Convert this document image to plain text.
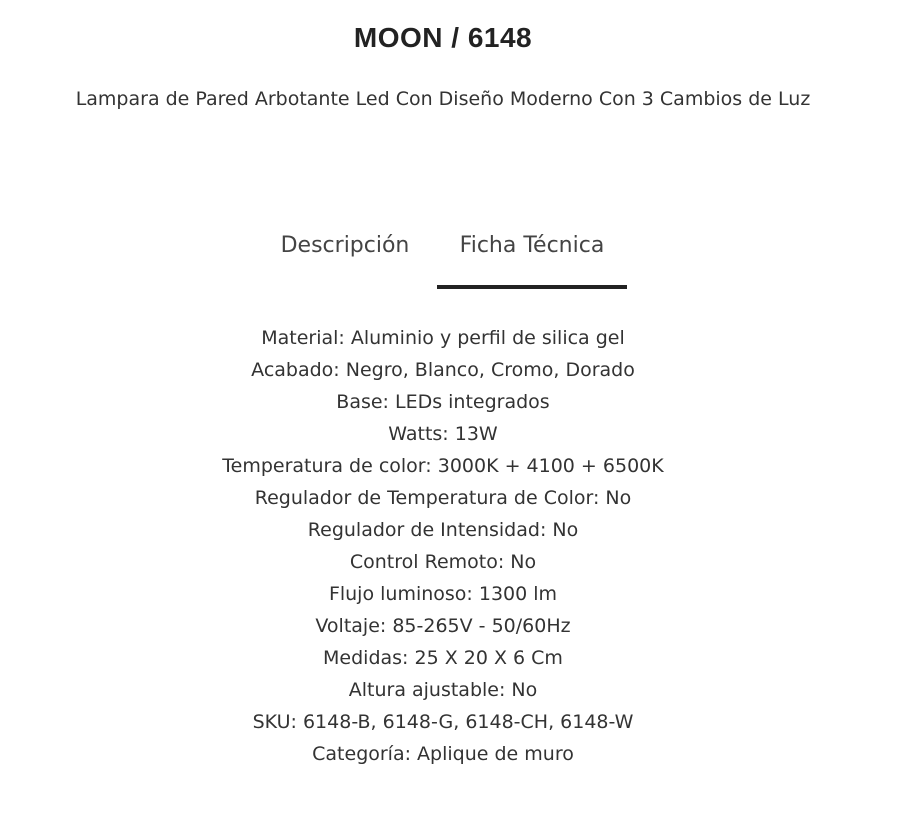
MOON / 6148

Lampara de Pared Arbotante Led Con Diseño Moderno Con 3 Cambios de Luz

Descripción	Ficha Técnica
Material: Aluminio y perfil de silica gel
Acabado: Negro, Blanco, Cromo, Dorado
Base: LEDs integrados
Watts: 13W
Temperatura de color: 3000K + 4100 + 6500K
Regulador de Temperatura de Color: No
Regulador de Intensidad: No
Control Remoto: No
Flujo luminoso: 1300 lm
Voltaje: 85-265V - 50/60Hz
Medidas: 25 X 20 X 6 Cm
Altura ajustable: No
SKU: 6148-B, 6148-G, 6148-CH, 6148-W
Categoría: Aplique de muro
